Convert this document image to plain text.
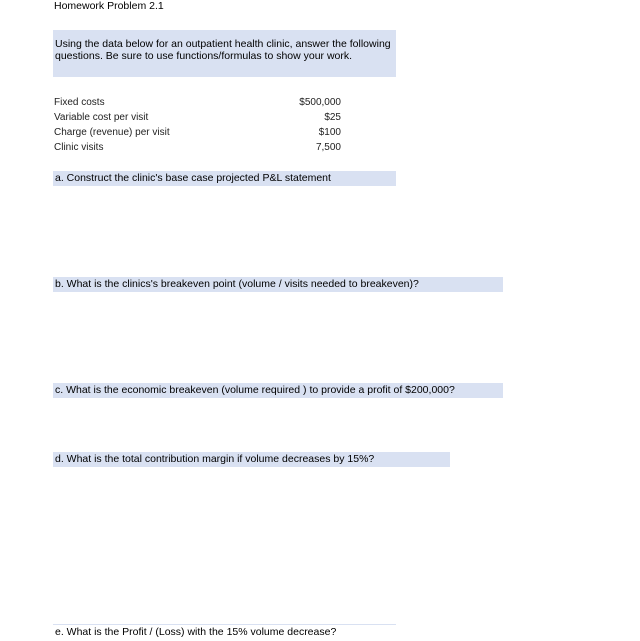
Homework Problem 2.1
Using the data below for an outpatient health clinic, answer the following questions. Be sure to use functions/formulas to show your work.
Fixed costs	$500,000
Variable cost per visit	$25
Charge (revenue) per visit	$100
Clinic visits	7,500
a. Construct the clinic's base case projected P&L statement
b. What is the clinics's breakeven point (volume / visits needed to breakeven)?
c. What is the economic breakeven (volume required ) to provide a profit of $200,000?
d. What is the total contribution margin if volume decreases by 15%?
e. What is the Profit / (Loss) with the 15% volume decrease?
